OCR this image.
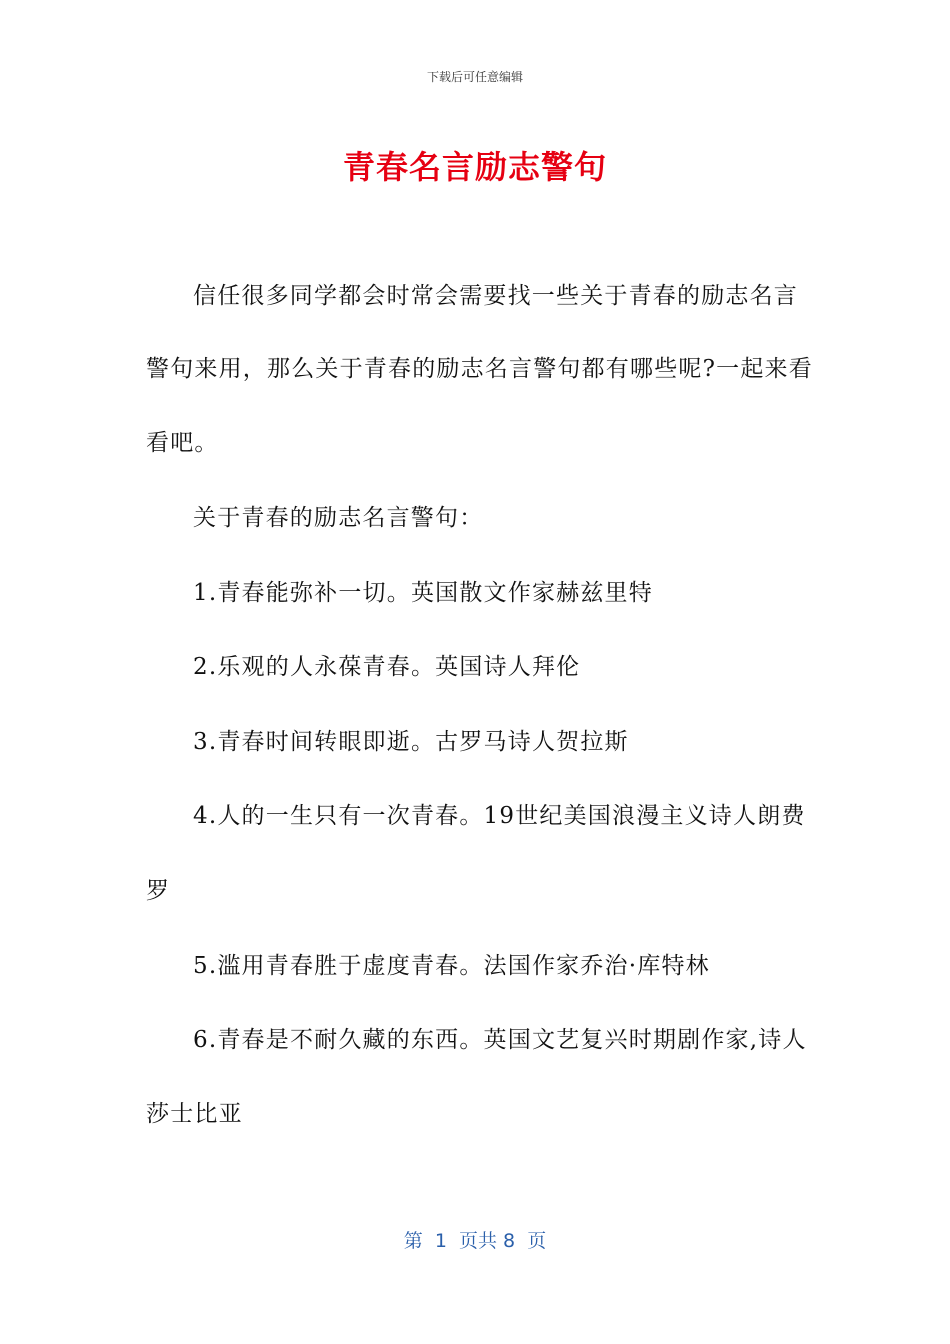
下载后可任意编辑
青春名言励志警句
信任很多同学都会时常会需要找一些关于青春的励志名言
警句来用，那么关于青春的励志名言警句都有哪些呢?一起来看
看吧。
关于青春的励志名言警句：
1.青春能弥补一切。英国散文作家赫兹里特
2.乐观的人永葆青春。英国诗人拜伦
3.青春时间转眼即逝。古罗马诗人贺拉斯
4.人的一生只有一次青春。19世纪美国浪漫主义诗人朗费
罗
5.滥用青春胜于虚度青春。法国作家乔治·库特林
6.青春是不耐久藏的东西。英国文艺复兴时期剧作家,诗人
莎士比亚
第  1  页共 8  页
